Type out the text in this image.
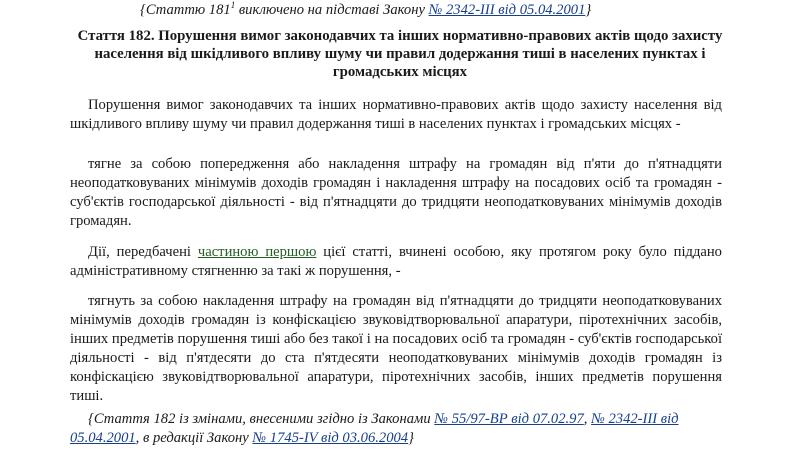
{Статтю $181^1$ виключено на підставі Закону № 2342-III від 05.04.2001}

Стаття 182. Порушення вимог законодавчих та інших нормативно-правових актів щодо захисту населення від шкідливого впливу шуму чи правил додержання тиші в населених пунктах і громадських місцях

Порушення вимог законодавчих та інших нормативно-правових актів щодо захисту населення від шкідливого впливу шуму чи правил додержання тиші в населених пунктах і громадських місцях -

тягне за собою попередження або накладення штрафу на громадян від п'яти до п'ятнадцяти неоподатковуваних мінімумів доходів громадян і накладення штрафу на посадових осіб та громадян - суб'єктів господарської діяльності - від п'ятнадцяти до тридцяти неоподатковуваних мінімумів доходів громадян.

Дії, передбачені частиною першою цієї статті, вчинені особою, яку протягом року було піддано адміністративному стягненню за такі ж порушення, -

тягнуть за собою накладення штрафу на громадян від п'ятнадцяти до тридцяти неоподатковуваних мінімумів доходів громадян із конфіскацією звуковідтворювальної апаратури, піротехнічних засобів, інших предметів порушення тиші або без такої і на посадових осіб та громадян - суб'єктів господарської діяльності - від п'ятдесяти до ста п'ятдесяти неоподатковуваних мінімумів доходів громадян із конфіскацією звуковідтворювальної апаратури, піротехнічних засобів, інших предметів порушення тиші.

{Стаття 182 із змінами, внесеними згідно із Законами № 55/97-ВР від 07.02.97, № 2342-III від 05.04.2001, в редакції Закону № 1745-IV від 03.06.2004}
